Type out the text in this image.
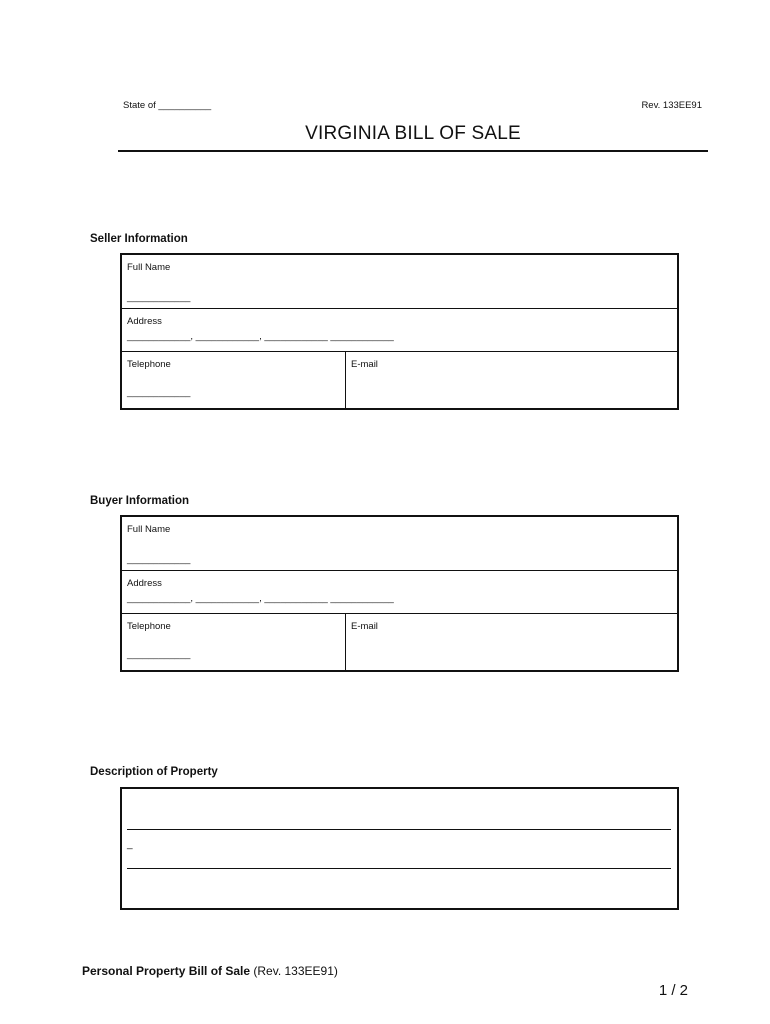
State of __________	Rev. 133EE91
VIRGINIA BILL OF SALE
Seller Information
Full Name
____________
Address
____________, ____________, ____________ ____________
Telephone
____________
E-mail
Buyer Information
Full Name
____________
Address
____________, ____________, ____________ ____________
Telephone
____________
E-mail
Description of Property
_
Personal Property Bill of Sale (Rev. 133EE91)
1 / 2
